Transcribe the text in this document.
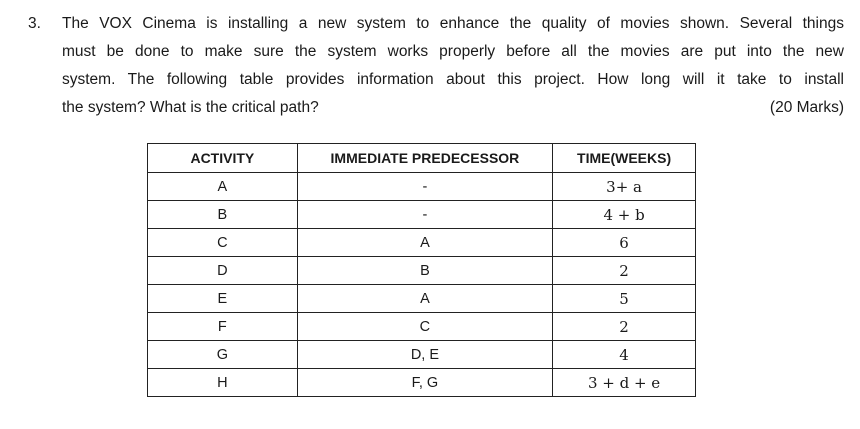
3. The VOX Cinema is installing a new system to enhance the quality of movies shown. Several things
must be done to make sure the system works properly before all the movies are put into the new
system. The following table provides information about this project. How long will it take to install
the system? What is the critical path?	(20 Marks)
ACTIVITY	IMMEDIATE PREDECESSOR	TIME(WEEKS)
A	-	3+ a
B	-	4 + b
C	A	6
D	B	2
E	A	5
F	C	2
G	D, E	4
H	F, G	3 + d + e
